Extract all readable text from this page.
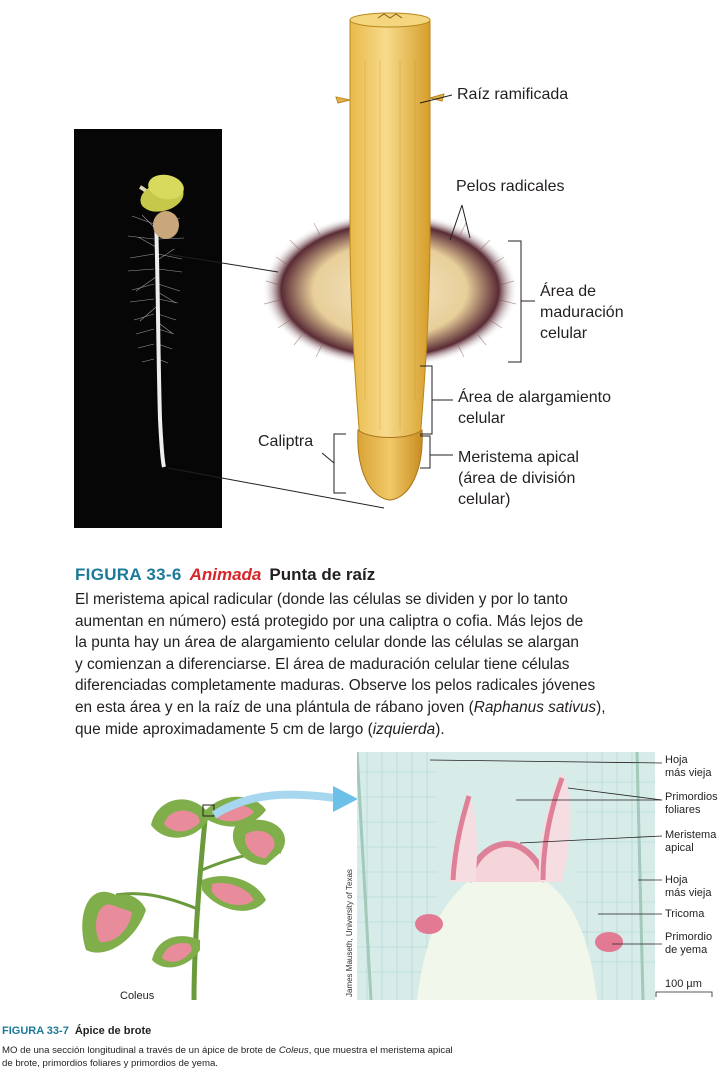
Raíz ramificada
Pelos radicales
Área de
maduración
celular
Área de alargamiento
celular
Caliptra
Meristema apical
(área de división
celular)
FIGURA 33-6 Animada Punta de raíz

El meristema apical radicular (donde las células se dividen y por lo tanto

aumentan en número) está protegido por una caliptra o cofia. Más lejos de

la punta hay un área de alargamiento celular donde las células se alargan

y comienzan a diferenciarse. El área de maduración celular tiene células

diferenciadas completamente maduras. Observe los pelos radicales jóvenes

en esta área y en la raíz de una plántula de rábano joven (Raphanus sativus),

que mide aproximadamente 5 cm de largo (izquierda).

James Mauseth, University of Texas
Hoja
más vieja
Primordios
foliares
Meristema
apical
Hoja
más vieja
Tricoma
Primordio
de yema
100 µm
Coleus
FIGURA 33-7 Ápice de brote

MO de una sección longitudinal a través de un ápice de brote de Coleus, que muestra el meristema apical

de brote, primordios foliares y primordios de yema.
